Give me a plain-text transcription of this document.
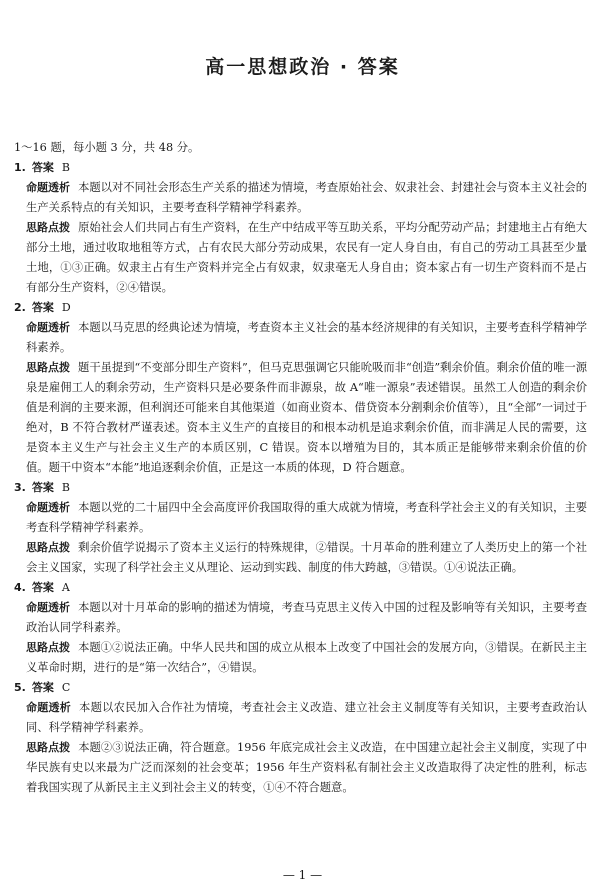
高一思想政治 · 答案

1～16 题，每小题 3 分，共 48 分。

1. 答案 B

命题透析 本题以对不同社会形态生产关系的描述为情境，考查原始社会、奴隶社会、封建社会与资本主义社会的生产关系特点的有关知识，主要考查科学精神学科素养。

思路点拨 原始社会人们共同占有生产资料，在生产中结成平等互助关系，平均分配劳动产品；封建地主占有绝大部分土地，通过收取地租等方式，占有农民大部分劳动成果，农民有一定人身自由，有自己的劳动工具甚至少量土地，①③正确。奴隶主占有生产资料并完全占有奴隶，奴隶毫无人身自由；资本家占有一切生产资料而不是占有部分生产资料，②④错误。

2. 答案 D

命题透析 本题以马克思的经典论述为情境，考查资本主义社会的基本经济规律的有关知识，主要考查科学精神学科素养。

思路点拨 题干虽提到“不变部分即生产资料”，但马克思强调它只能吮吸而非“创造”剩余价值。剩余价值的唯一源泉是雇佣工人的剩余劳动，生产资料只是必要条件而非源泉，故 A“唯一源泉”表述错误。虽然工人创造的剩余价值是利润的主要来源，但利润还可能来自其他渠道（如商业资本、借贷资本分割剩余价值等），且“全部”一词过于绝对，B 不符合教材严谨表述。资本主义生产的直接目的和根本动机是追求剩余价值，而非满足人民的需要，这是资本主义生产与社会主义生产的本质区别，C 错误。资本以增殖为目的，其本质正是能够带来剩余价值的价值。题干中资本“本能”地追逐剩余价值，正是这一本质的体现，D 符合题意。

3. 答案 B

命题透析 本题以党的二十届四中全会高度评价我国取得的重大成就为情境，考查科学社会主义的有关知识，主要考查科学精神学科素养。

思路点拨 剩余价值学说揭示了资本主义运行的特殊规律，②错误。十月革命的胜利建立了人类历史上的第一个社会主义国家，实现了科学社会主义从理论、运动到实践、制度的伟大跨越，③错误。①④说法正确。

4. 答案 A

命题透析 本题以对十月革命的影响的描述为情境，考查马克思主义传入中国的过程及影响等有关知识，主要考查政治认同学科素养。

思路点拨 本题①②说法正确。中华人民共和国的成立从根本上改变了中国社会的发展方向，③错误。在新民主主义革命时期，进行的是“第一次结合”，④错误。

5. 答案 C

命题透析 本题以农民加入合作社为情境，考查社会主义改造、建立社会主义制度等有关知识，主要考查政治认同、科学精神学科素养。

思路点拨 本题②③说法正确，符合题意。1956 年底完成社会主义改造，在中国建立起社会主义制度，实现了中华民族有史以来最为广泛而深刻的社会变革；1956 年生产资料私有制社会主义改造取得了决定性的胜利，标志着我国实现了从新民主主义到社会主义的转变，①④不符合题意。

— 1 —
